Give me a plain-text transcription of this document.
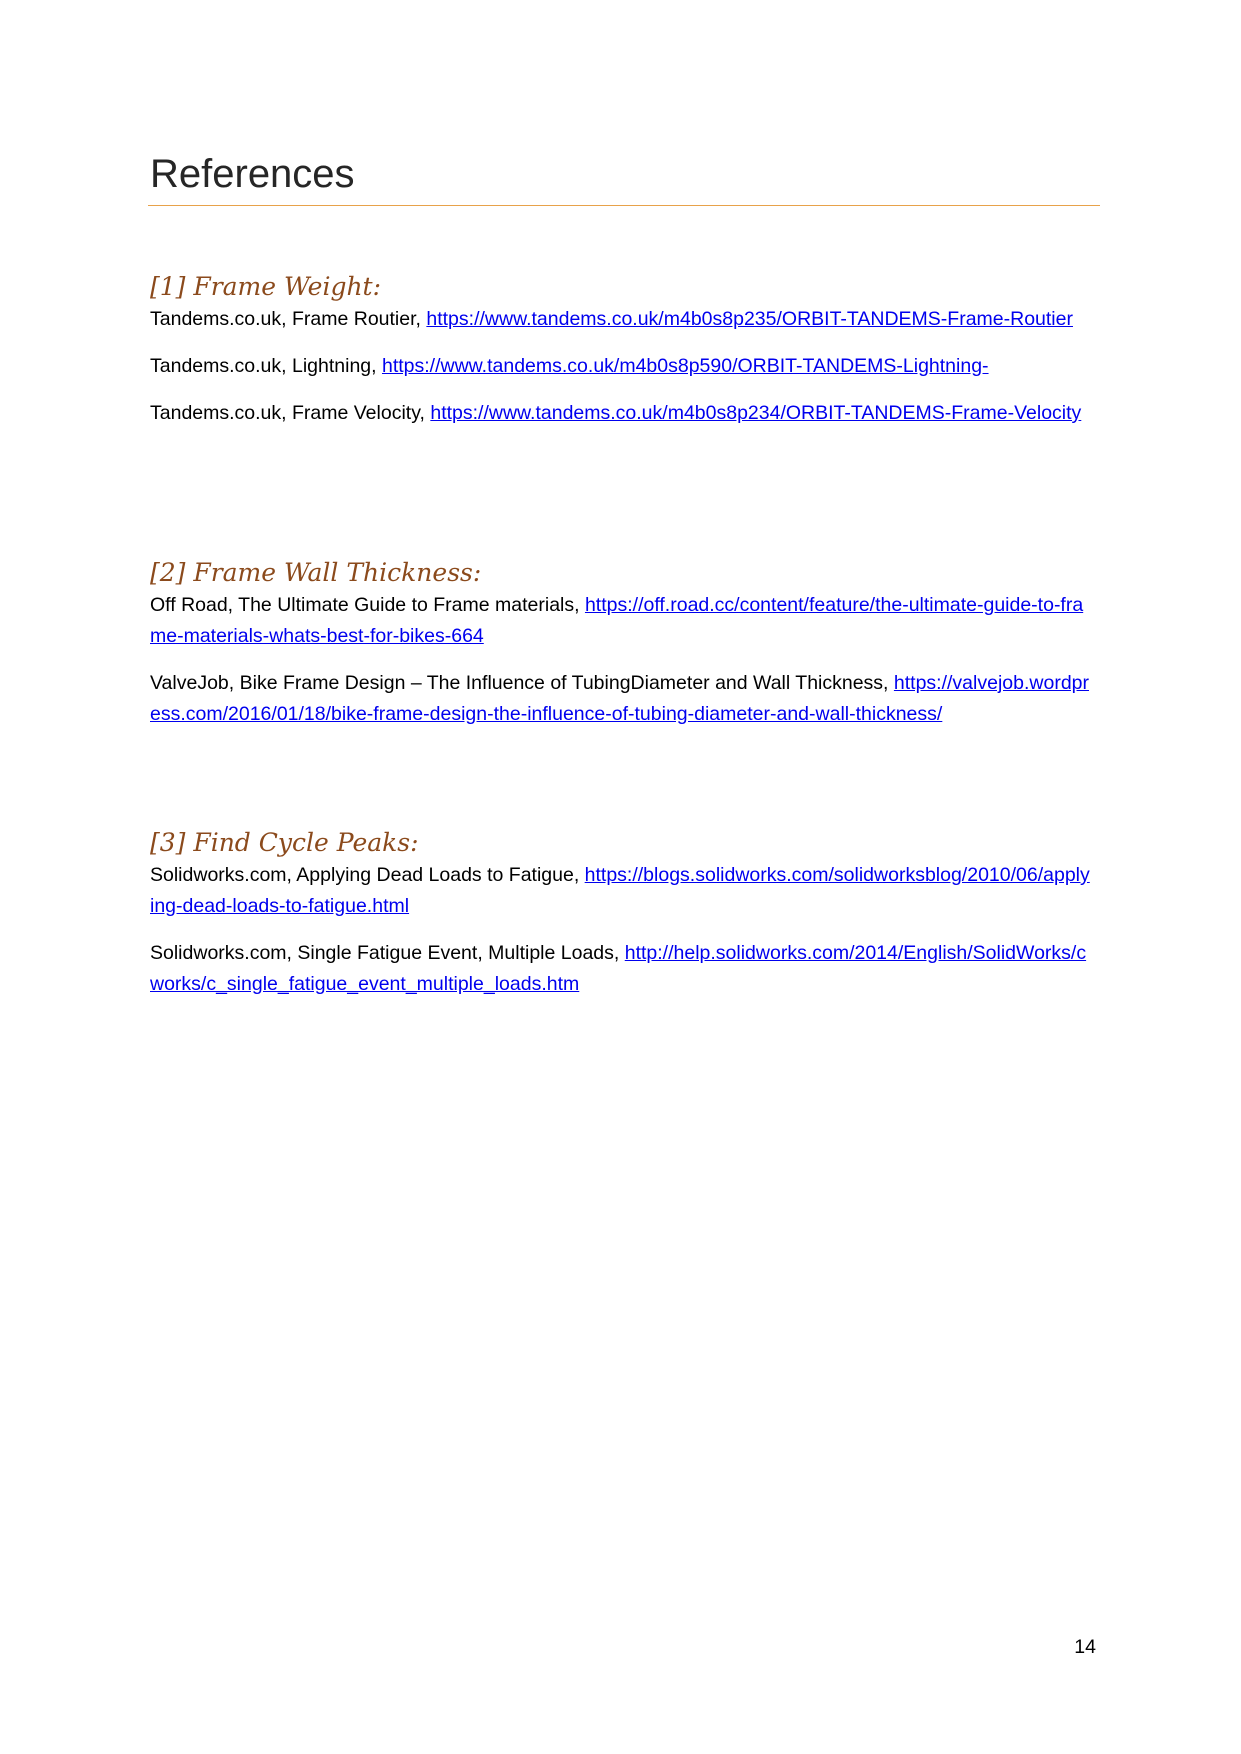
References
[1] Frame Weight:

Tandems.co.uk, Frame Routier, https://www.tandems.co.uk/m4b0s8p235/ORBIT-TANDEMS-Frame-Routier

Tandems.co.uk, Lightning, https://www.tandems.co.uk/m4b0s8p590/ORBIT-TANDEMS-Lightning-

Tandems.co.uk, Frame Velocity, https://www.tandems.co.uk/m4b0s8p234/ORBIT-TANDEMS-Frame-Velocity

[2] Frame Wall Thickness:

Off Road, The Ultimate Guide to Frame materials, https://off.road.cc/content/feature/the-ultimate-guide-to-frame-materials-whats-best-for-bikes-664

ValveJob, Bike Frame Design – The Influence of TubingDiameter and Wall Thickness, https://valvejob.wordpress.com/2016/01/18/bike-frame-design-the-influence-of-tubing-diameter-and-wall-thickness/

[3] Find Cycle Peaks:

Solidworks.com, Applying Dead Loads to Fatigue, https://blogs.solidworks.com/solidworksblog/2010/06/applying-dead-loads-to-fatigue.html

Solidworks.com, Single Fatigue Event, Multiple Loads, http://help.solidworks.com/2014/English/SolidWorks/cworks/c_single_fatigue_event_multiple_loads.htm

14
